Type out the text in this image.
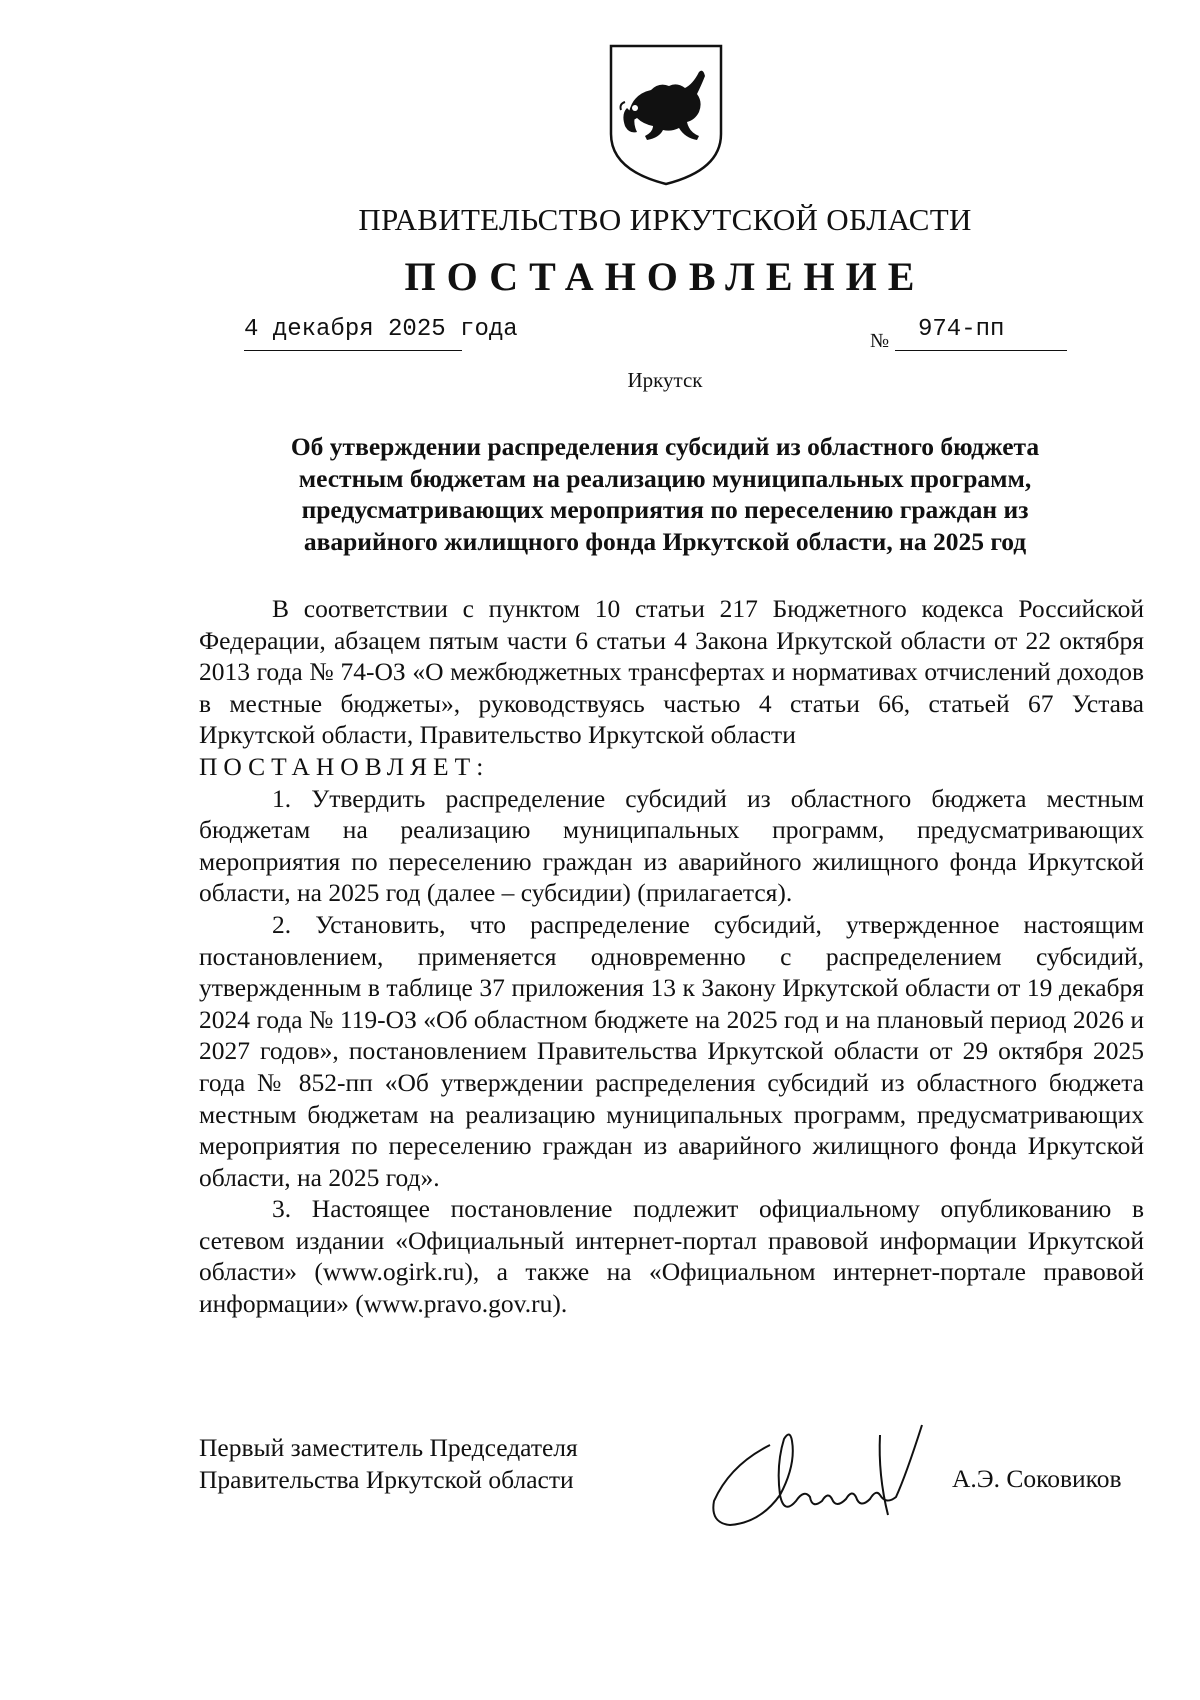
ПРАВИТЕЛЬСТВО ИРКУТСКОЙ ОБЛАСТИ
ПОСТАНОВЛЕНИЕ
4 декабря 2025 года	№ 974-пп
Иркутск
Об утверждении распределения субсидий из областного бюджета
местным бюджетам на реализацию муниципальных программ,
предусматривающих мероприятия по переселению граждан из
аварийного жилищного фонда Иркутской области, на 2025 год

В соответствии с пунктом 10 статьи 217 Бюджетного кодекса Российской Федерации, абзацем пятым части 6 статьи 4 Закона Иркутской области от 22 октября 2013 года № 74-ОЗ «О межбюджетных трансфертах и нормативах отчислений доходов в местные бюджеты», руководствуясь частью 4 статьи 66, статьей 67 Устава Иркутской области, Правительство Иркутской области

ПОСТАНОВЛЯЕТ:

1. Утвердить распределение субсидий из областного бюджета местным бюджетам на реализацию муниципальных программ, предусматривающих мероприятия по переселению граждан из аварийного жилищного фонда Иркутской области, на 2025 год (далее – субсидии) (прилагается).

2. Установить, что распределение субсидий, утвержденное настоящим постановлением, применяется одновременно с распределением субсидий, утвержденным в таблице 37 приложения 13 к Закону Иркутской области от 19 декабря 2024 года № 119-ОЗ «Об областном бюджете на 2025 год и на плановый период 2026 и 2027 годов», постановлением Правительства Иркутской области от 29 октября 2025 года № 852-пп «Об утверждении распределения субсидий из областного бюджета местным бюджетам на реализацию муниципальных программ, предусматривающих мероприятия по переселению граждан из аварийного жилищного фонда Иркутской области, на 2025 год».

3. Настоящее постановление подлежит официальному опубликованию в сетевом издании «Официальный интернет-портал правовой информации Иркутской области» (www.ogirk.ru), а также на «Официальном интернет-портале правовой информации» (www.pravo.gov.ru).

Первый заместитель Председателя
Правительства Иркутской области	А.Э. Соковиков
